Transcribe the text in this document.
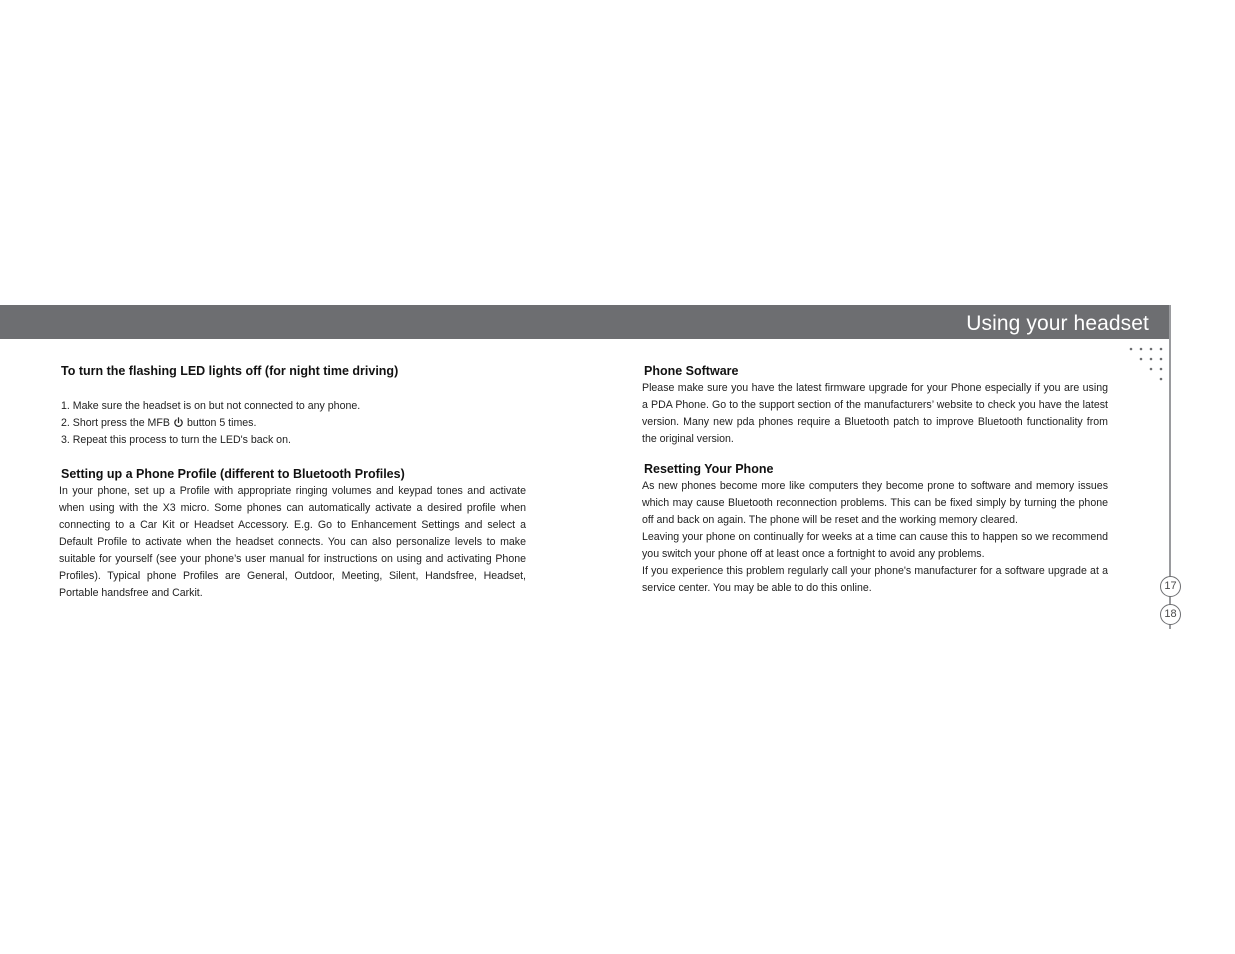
Using your headset
17
18
To turn the flashing LED lights off (for night time driving)
1. Make sure the headset is on but not connected to any phone.
2. Short press the MFB button 5 times.
3. Repeat this process to turn the LED's back on.
Setting up a Phone Profile (different to Bluetooth Profiles)

In your phone, set up a Profile with appropriate ringing volumes and keypad tones and activate when using with the X3 micro. Some phones can automatically activate a desired profile when connecting to a Car Kit or Headset Accessory. E.g. Go to Enhancement Settings and select a Default Profile to activate when the headset connects. You can also personalize levels to make suitable for yourself (see your phone’s user manual for instructions on using and activating Phone Profiles). Typical phone Profiles are General, Outdoor, Meeting, Silent, Handsfree, Headset, Portable handsfree and Carkit.

Phone Software

Please make sure you have the latest firmware upgrade for your Phone especially if you are using a PDA Phone. Go to the support section of the manufacturers’ website to check you have the latest version. Many new pda phones require a Bluetooth patch to improve Bluetooth functionality from the original version.

Resetting Your Phone

As new phones become more like computers they become prone to software and memory issues which may cause Bluetooth reconnection problems. This can be fixed simply by turning the phone off and back on again. The phone will be reset and the working memory cleared.

Leaving your phone on continually for weeks at a time can cause this to happen so we recommend you switch your phone off at least once a fortnight to avoid any problems.

If you experience this problem regularly call your phone's manufacturer for a software upgrade at a service center. You may be able to do this online.
